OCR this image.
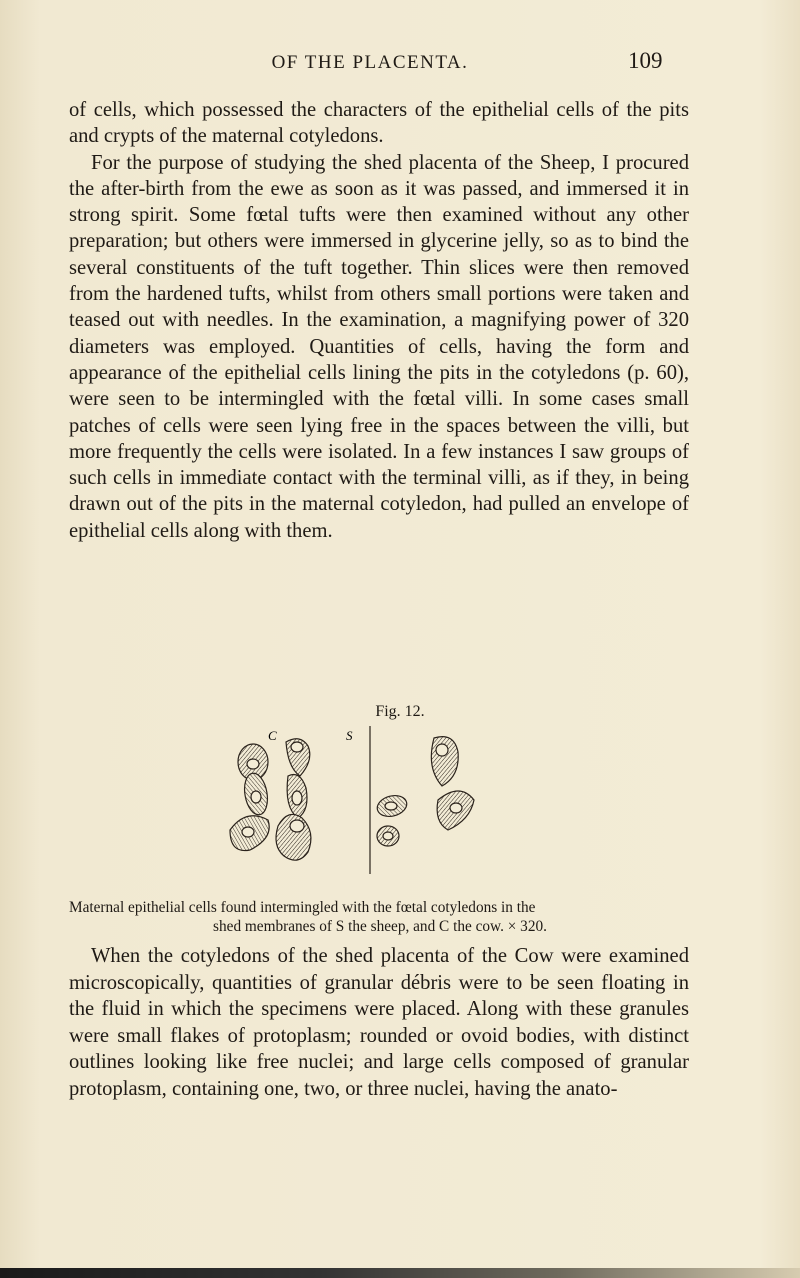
OF THE PLACENTA.	109

of cells, which possessed the characters of the epithelial cells of the pits and crypts of the maternal cotyledons.

For the purpose of studying the shed placenta of the Sheep, I procured the after-birth from the ewe as soon as it was passed, and immersed it in strong spirit. Some fœtal tufts were then examined without any other preparation; but others were immersed in glycerine jelly, so as to bind the several constituents of the tuft together. Thin slices were then removed from the hardened tufts, whilst from others small portions were taken and teased out with needles. In the examination, a magnifying power of 320 diameters was employed. Quantities of cells, having the form and appearance of the epithelial cells lining the pits in the cotyledons (p. 60), were seen to be intermingled with the fœtal villi. In some cases small patches of cells were seen lying free in the spaces between the villi, but more frequently the cells were isolated. In a few instances I saw groups of such cells in immediate contact with the terminal villi, as if they, in being drawn out of the pits in the maternal cotyledon, had pulled an envelope of epithelial cells along with them.

Fig. 12.
C	S
Maternal epithelial cells found intermingled with the fœtal cotyledons in the
shed membranes of S the sheep, and C the cow. × 320.

When the cotyledons of the shed placenta of the Cow were examined microscopically, quantities of granular débris were to be seen floating in the fluid in which the specimens were placed. Along with these granules were small flakes of protoplasm; rounded or ovoid bodies, with distinct outlines looking like free nuclei; and large cells composed of granular protoplasm, containing one, two, or three nuclei, having the anato-
